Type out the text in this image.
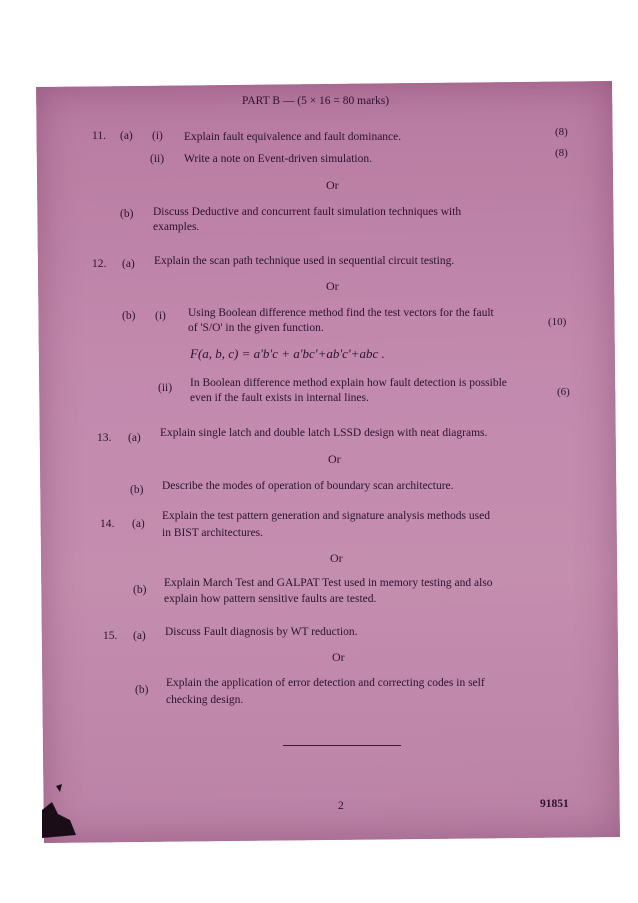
PART B — (5 × 16 = 80 marks)
11. (a) (i) Explain fault equivalence and fault dominance.	(8)
(ii) Write a note on Event-driven simulation.	(8)
Or
(b) Discuss Deductive and concurrent fault simulation techniques with
examples.
12. (a) Explain the scan path technique used in sequential circuit testing.
Or
(b) (i) Using Boolean difference method find the test vectors for the fault
of 'S/O' in the given function.	(10)
F(a, b, c) = a'b'c + a'bc'+ab'c'+abc .
(ii) In Boolean difference method explain how fault detection is possible
even if the fault exists in internal lines.	(6)
13. (a) Explain single latch and double latch LSSD design with neat diagrams.
Or
(b) Describe the modes of operation of boundary scan architecture.
14. (a)
Explain the test pattern generation and signature analysis methods used
in BIST architectures.
Or
(b)
Explain March Test and GALPAT Test used in memory testing and also
explain how pattern sensitive faults are tested.
15. (a) Discuss Fault diagnosis by WT reduction.
Or
(b)
Explain the application of error detection and correcting codes in self
checking design.
2	91851
